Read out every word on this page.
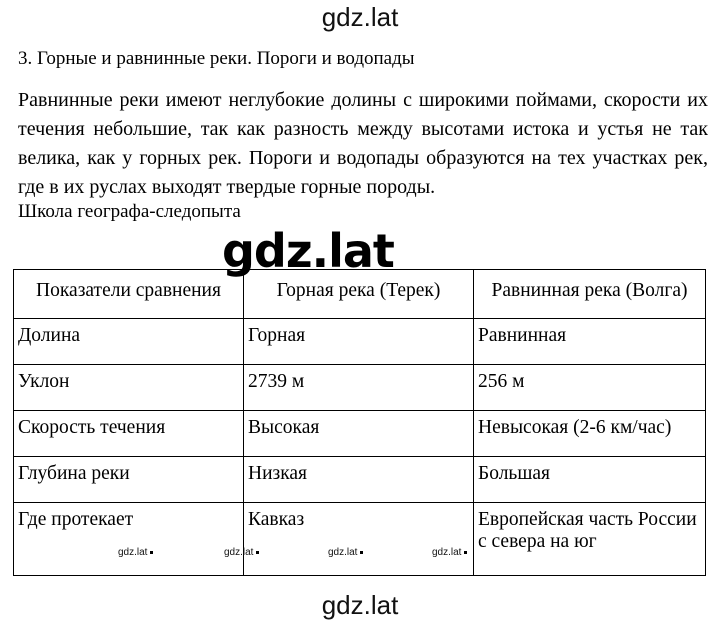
gdz.lat
3. Горные и равнинные реки. Пороги и водопады
Равнинные реки имеют неглубокие долины с широкими поймами, скорости их течения небольшие, так как разность между высотами истока и устья не так велика, как у горных рек. Пороги и водопады образуются на тех участках рек, где в их руслах выходят твердые горные породы.
Школа географа-следопыта
Показатели сравнения	Горная река (Терек)	Равнинная река (Волга)
Долина	Горная	Равнинная
Уклон	2739 м	256 м
Скорость течения	Высокая	Невысокая (2-6 км/час)
Глубина реки	Низкая	Большая
Где протекает	Кавказ	Европейская часть России с севера на юг
gdz.lat
gdz.lat	gdz.lat	gdz.lat	gdz.lat
gdz.lat
